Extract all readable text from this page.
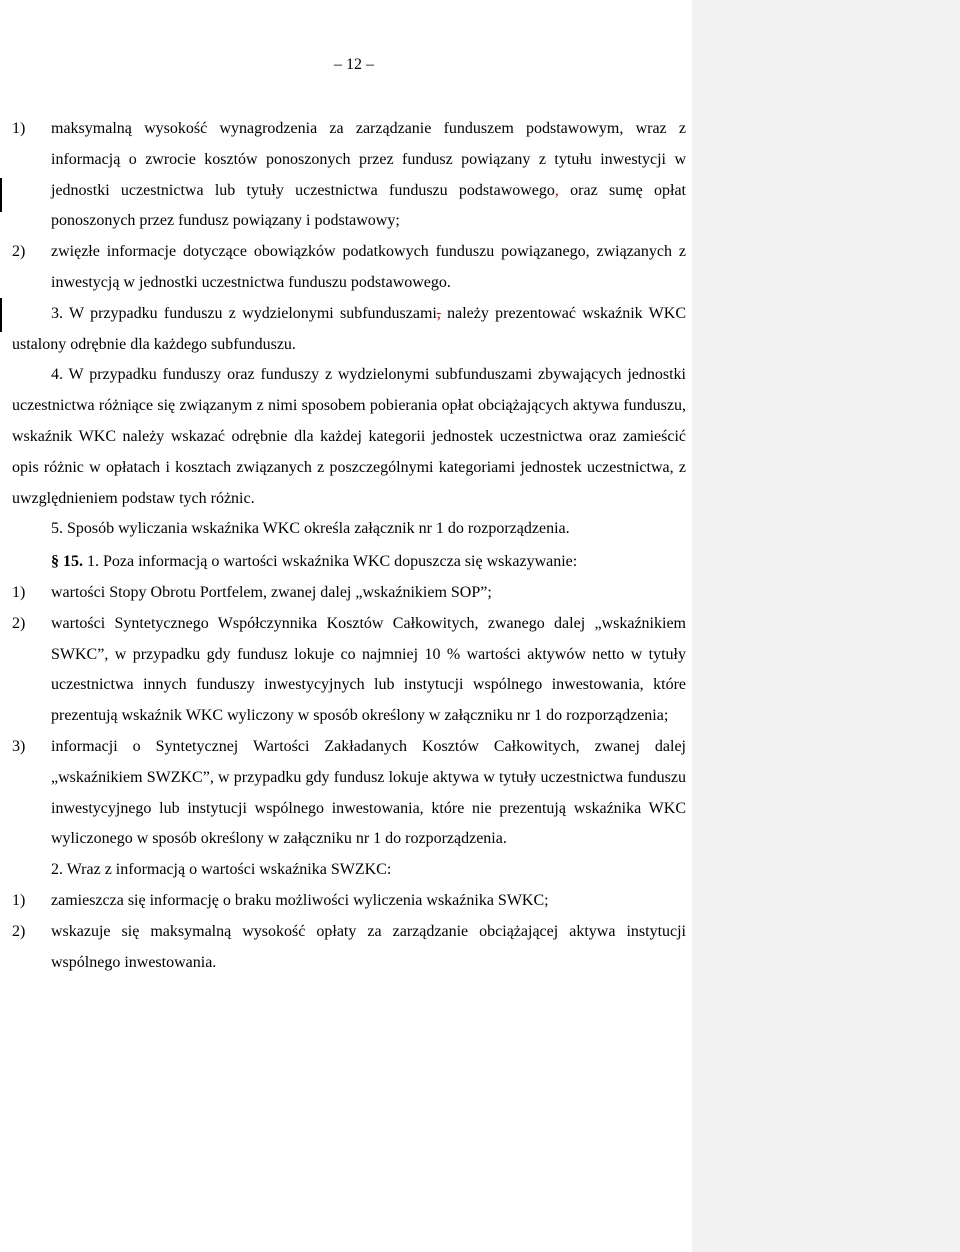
– 12 –
1) maksymalną wysokość wynagrodzenia za zarządzanie funduszem podstawowym, wraz z informacją o zwrocie kosztów ponoszonych przez fundusz powiązany z tytułu inwestycji w jednostki uczestnictwa lub tytuły uczestnictwa funduszu podstawowego, oraz sumę opłat ponoszonych przez fundusz powiązany i podstawowy;
2) zwięzłe informacje dotyczące obowiązków podatkowych funduszu powiązanego, związanych z inwestycją w jednostki uczestnictwa funduszu podstawowego.
3. W przypadku funduszu z wydzielonymi subfunduszami, należy prezentować wskaźnik WKC ustalony odrębnie dla każdego subfunduszu.
4. W przypadku funduszy oraz funduszy z wydzielonymi subfunduszami zbywających jednostki uczestnictwa różniące się związanym z nimi sposobem pobierania opłat obciążających aktywa funduszu, wskaźnik WKC należy wskazać odrębnie dla każdej kategorii jednostek uczestnictwa oraz zamieścić opis różnic w opłatach i kosztach związanych z poszczególnymi kategoriami jednostek uczestnictwa, z uwzględnieniem podstaw tych różnic.
5. Sposób wyliczania wskaźnika WKC określa załącznik nr 1 do rozporządzenia.
§ 15. 1. Poza informacją o wartości wskaźnika WKC dopuszcza się wskazywanie:
1) wartości Stopy Obrotu Portfelem, zwanej dalej „wskaźnikiem SOP”;
2) wartości Syntetycznego Współczynnika Kosztów Całkowitych, zwanego dalej „wskaźnikiem SWKC”, w przypadku gdy fundusz lokuje co najmniej 10 % wartości aktywów netto w tytuły uczestnictwa innych funduszy inwestycyjnych lub instytucji wspólnego inwestowania, które prezentują wskaźnik WKC wyliczony w sposób określony w załączniku nr 1 do rozporządzenia;
3) informacji o Syntetycznej Wartości Zakładanych Kosztów Całkowitych, zwanej dalej „wskaźnikiem SWZKC”, w przypadku gdy fundusz lokuje aktywa w tytuły uczestnictwa funduszu inwestycyjnego lub instytucji wspólnego inwestowania, które nie prezentują wskaźnika WKC wyliczonego w sposób określony w załączniku nr 1 do rozporządzenia.
2. Wraz z informacją o wartości wskaźnika SWZKC:
1) zamieszcza się informację o braku możliwości wyliczenia wskaźnika SWKC;
2) wskazuje się maksymalną wysokość opłaty za zarządzanie obciążającej aktywa instytucji wspólnego inwestowania.
